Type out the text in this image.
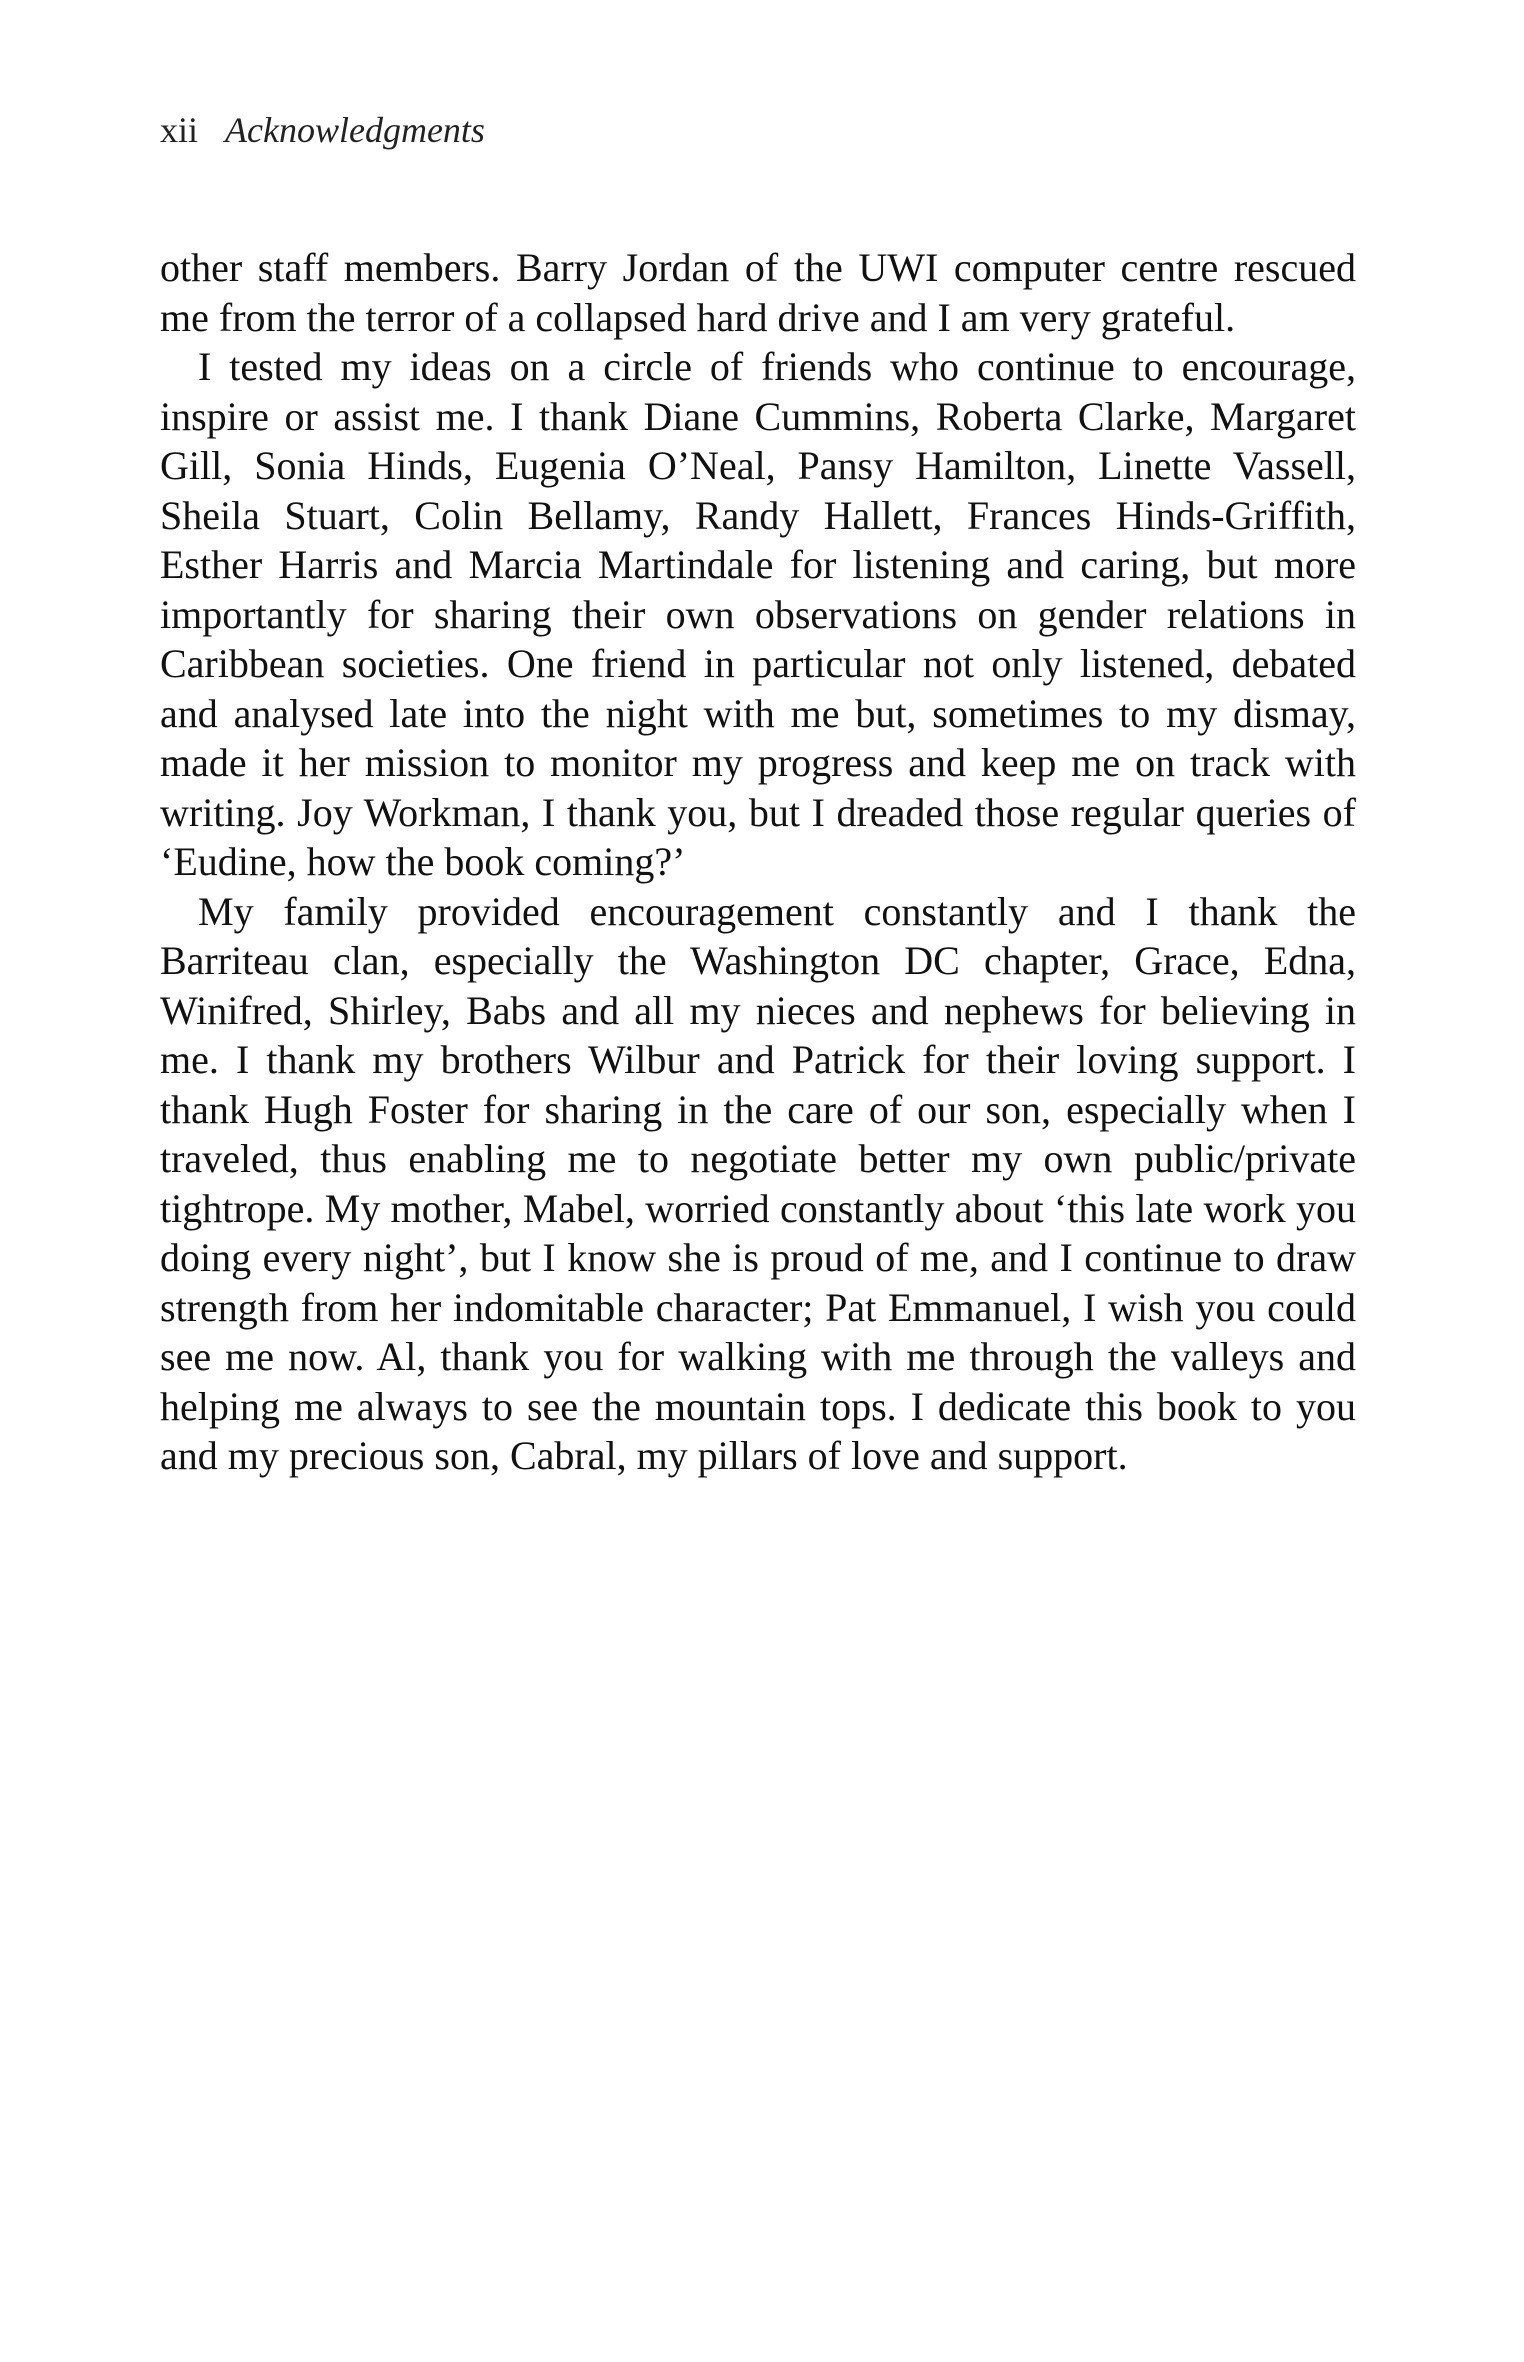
xii Acknowledgments

other staff members. Barry Jordan of the UWI computer centre rescued me from the terror of a collapsed hard drive and I am very grateful.

I tested my ideas on a circle of friends who continue to encourage, inspire or assist me. I thank Diane Cummins, Roberta Clarke, Margaret Gill, Sonia Hinds, Eugenia O’Neal, Pansy Hamilton, Linette Vassell, Sheila Stuart, Colin Bellamy, Randy Hallett, Frances Hinds-Griffith, Esther Harris and Marcia Martindale for listening and caring, but more importantly for sharing their own observations on gender relations in Caribbean societies. One friend in particular not only listened, debated and analysed late into the night with me but, sometimes to my dismay, made it her mission to monitor my progress and keep me on track with writing. Joy Workman, I thank you, but I dreaded those regular queries of ‘Eudine, how the book coming?’

My family provided encouragement constantly and I thank the Barriteau clan, especially the Washington DC chapter, Grace, Edna, Winifred, Shirley, Babs and all my nieces and nephews for believing in me. I thank my brothers Wilbur and Patrick for their loving support. I thank Hugh Foster for sharing in the care of our son, especially when I traveled, thus enabling me to negotiate better my own public/private tightrope. My mother, Mabel, worried constantly about ‘this late work you doing every night’, but I know she is proud of me, and I continue to draw strength from her indomitable character; Pat Emmanuel, I wish you could see me now. Al, thank you for walking with me through the valleys and helping me always to see the mountain tops. I dedicate this book to you and my precious son, Cabral, my pillars of love and support.
